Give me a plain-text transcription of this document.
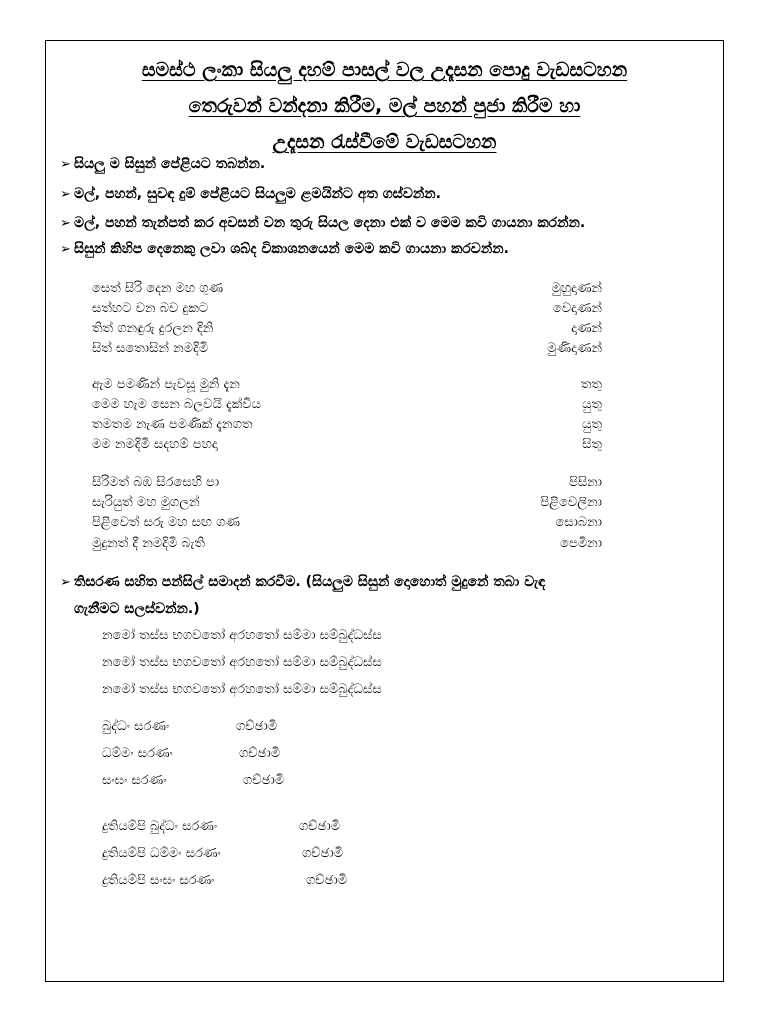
සමස්ථ ලංකා සියලු දහම් පාසල් වල උදෑසන පොදු වැඩසටහන
තෙරුවන් වන්දනා කිරීම, මල් පහන් පුජා කිරීම හා
උදෑසන රැස්වීමේ වැඩසටහන
➢ සියලු ම සිසුන් පේළියට තබන්න.
➢ මල්, පහන්, සුවඳ දුම් පේළියට සියලුම ළමයින්ට අත ගස්වන්න.
➢ මල්, පහන් තැන්පත් කර අවසන් වන තුරු සියල දෙනා එක් ව මෙම කවි ගායනා කරන්න.
➢ සිසුන් කිහිප දෙනෙකු ලවා ශබ්ද විකාශනයෙන් මෙම කවි ගායනා කරවන්න.
සෙත් සිරි දෙන මහ ගුණ	මුහුදාණන්
සත්හට වන බව දුකට	වෙදාණන්
තිත් ගනඳුරු දුරලන දිනි	දාණන්
සිත් සතොසින් නමදිමි	මුණිදාණන්
ඇම පමණින් පැවසූ මුනි දැන	තතු
මෙම හැම සෙන බලවයි දැක්විය	යුතු
තමතම නැණ පමණික් දැනගත	යුතු
මම නමදිමි සදහම් පහදා	සිතු
සිරිමත් බඹ සිරසෙහි පා	පිසිනා
සැරියුත් මහ මුගලන්	පිළිවෙලිනා
පිළිවෙත් සරු මහ සඟ ගණ	සොබනා
මුදුනත් දී නමදිමි බැති	පෙමිනා
➢ තිසරණ සහිත පන්සිල් සමාදන් කරවීම. (සියලුම සිසුන් දොහොත් මුදුනේ තබා වැඳ
ගැනීමට සලස්වන්න.)
නමෝ තස්ස භගවතෝ අරහතෝ සම්මා සම්බුද්ධස්ස
නමෝ තස්ස භගවතෝ අරහතෝ සම්මා සම්බුද්ධස්ස
නමෝ තස්ස භගවතෝ අරහතෝ සම්මා සම්බුද්ධස්ස
බුද්ධං සරණං	ගච්ඡාමි
ධම්මං සරණං	ගච්ඡාමි
සංඝං සරණං	ගච්ඡාමි
දුතියම්පි බුද්ධං සරණං	ගච්ඡාමි
දුතියම්පි ධම්මං සරණං	ගච්ඡාමි
දුතියම්පි සංඝං සරණං	ගච්ඡාමි
